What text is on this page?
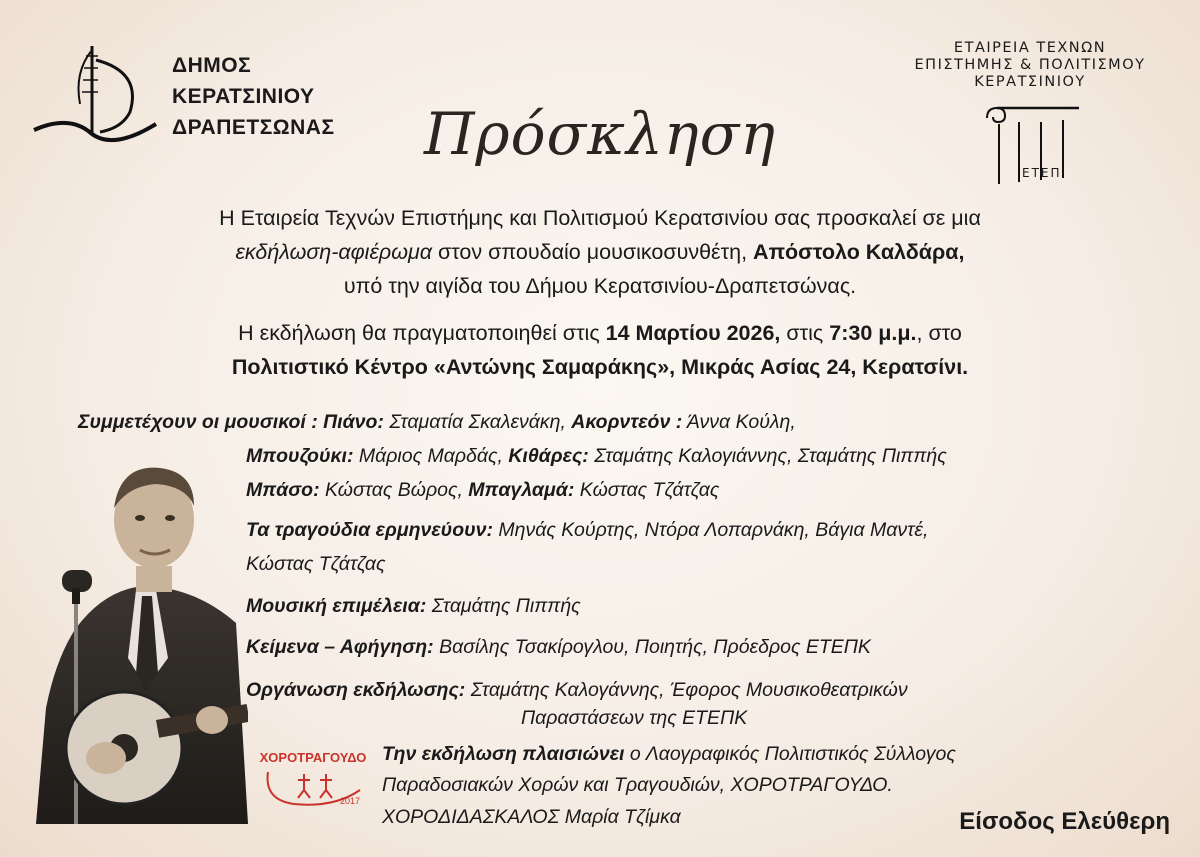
ΔΗΜΟΣ
ΚΕΡΑΤΣΙΝΙΟΥ
ΔΡΑΠΕΤΣΩΝΑΣ
ΕΤΑΙΡΕΙΑ ΤΕΧΝΩΝ
ΕΠΙΣΤΗΜΗΣ & ΠΟΛΙΤΙΣΜΟΥ
ΚΕΡΑΤΣΙΝΙΟΥ
ΕΤΕΠ
Πρόσκληση
Η Εταιρεία Τεχνών Επιστήμης και Πολιτισμού Κερατσινίου σας προσκαλεί σε μια
εκδήλωση-αφιέρωμα στον σπουδαίο μουσικοσυνθέτη, Απόστολο Καλδάρα,
υπό την αιγίδα του Δήμου Κερατσινίου-Δραπετσώνας.
Η εκδήλωση θα πραγματοποιηθεί στις 14 Μαρτίου 2026, στις 7:30 μ.μ., στο
Πολιτιστικό Κέντρο «Αντώνης Σαμαράκης», Μικράς Ασίας 24, Κερατσίνι.
Συμμετέχουν οι μουσικοί : Πιάνο: Σταματία Σκαλενάκη, Ακορντεόν : Άννα Κούλη,
Μπουζούκι: Μάριος Μαρδάς, Κιθάρες: Σταμάτης Καλογιάννης, Σταμάτης Πιππής
Μπάσο: Κώστας Βώρος, Μπαγλαμά: Κώστας Τζάτζας
Τα τραγούδια ερμηνεύουν: Μηνάς Κούρτης, Ντόρα Λοπαρνάκη, Βάγια Μαντέ,
Κώστας Τζάτζας
Μουσική επιμέλεια: Σταμάτης Πιππής
Κείμενα – Αφήγηση: Βασίλης Τσακίρογλου, Ποιητής, Πρόεδρος ΕΤΕΠΚ
Οργάνωση εκδήλωσης: Σταμάτης Καλογάννης, Έφορος Μουσικοθεατρικών
Παραστάσεων της ΕΤΕΠΚ
Την εκδήλωση πλαισιώνει ο Λαογραφικός Πολιτιστικός Σύλλογος
Παραδοσιακών Χορών και Τραγουδιών, ΧΟΡΟΤΡΑΓΟΥΔΟ.
ΧΟΡΟΔΙΔΑΣΚΑΛΟΣ Μαρία Τζίμκα
ΧΟΡΟΤΡΑΓΟΥΔΟ
2017
Είσοδος Ελεύθερη
